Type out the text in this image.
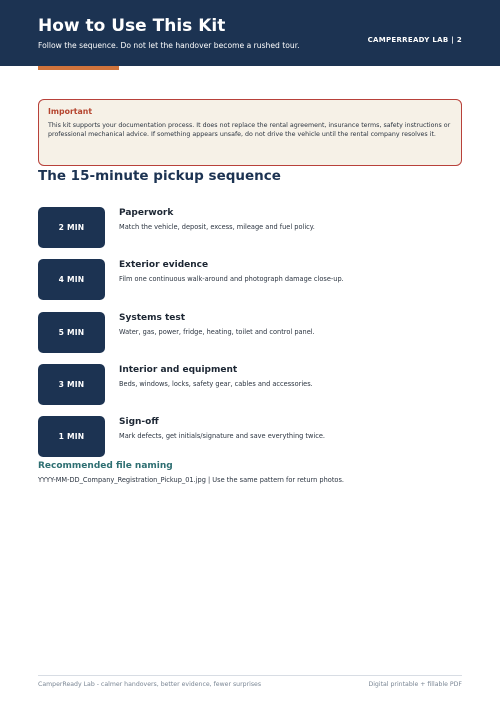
How to Use This Kit
Follow the sequence. Do not let the handover become a rushed tour.
CAMPERREADY LAB | 2
Important
This kit supports your documentation process. It does not replace the rental agreement, insurance terms, safety instructions or professional mechanical advice. If something appears unsafe, do not drive the vehicle until the rental company resolves it.
The 15-minute pickup sequence
2 MIN
Paperwork
Match the vehicle, deposit, excess, mileage and fuel policy.
4 MIN
Exterior evidence
Film one continuous walk-around and photograph damage close-up.
5 MIN
Systems test
Water, gas, power, fridge, heating, toilet and control panel.
3 MIN
Interior and equipment
Beds, windows, locks, safety gear, cables and accessories.
1 MIN
Sign-off
Mark defects, get initials/signature and save everything twice.
Recommended file naming
YYYY-MM-DD_Company_Registration_Pickup_01.jpg | Use the same pattern for return photos.
CamperReady Lab - calmer handovers, better evidence, fewer surprises	Digital printable + fillable PDF
